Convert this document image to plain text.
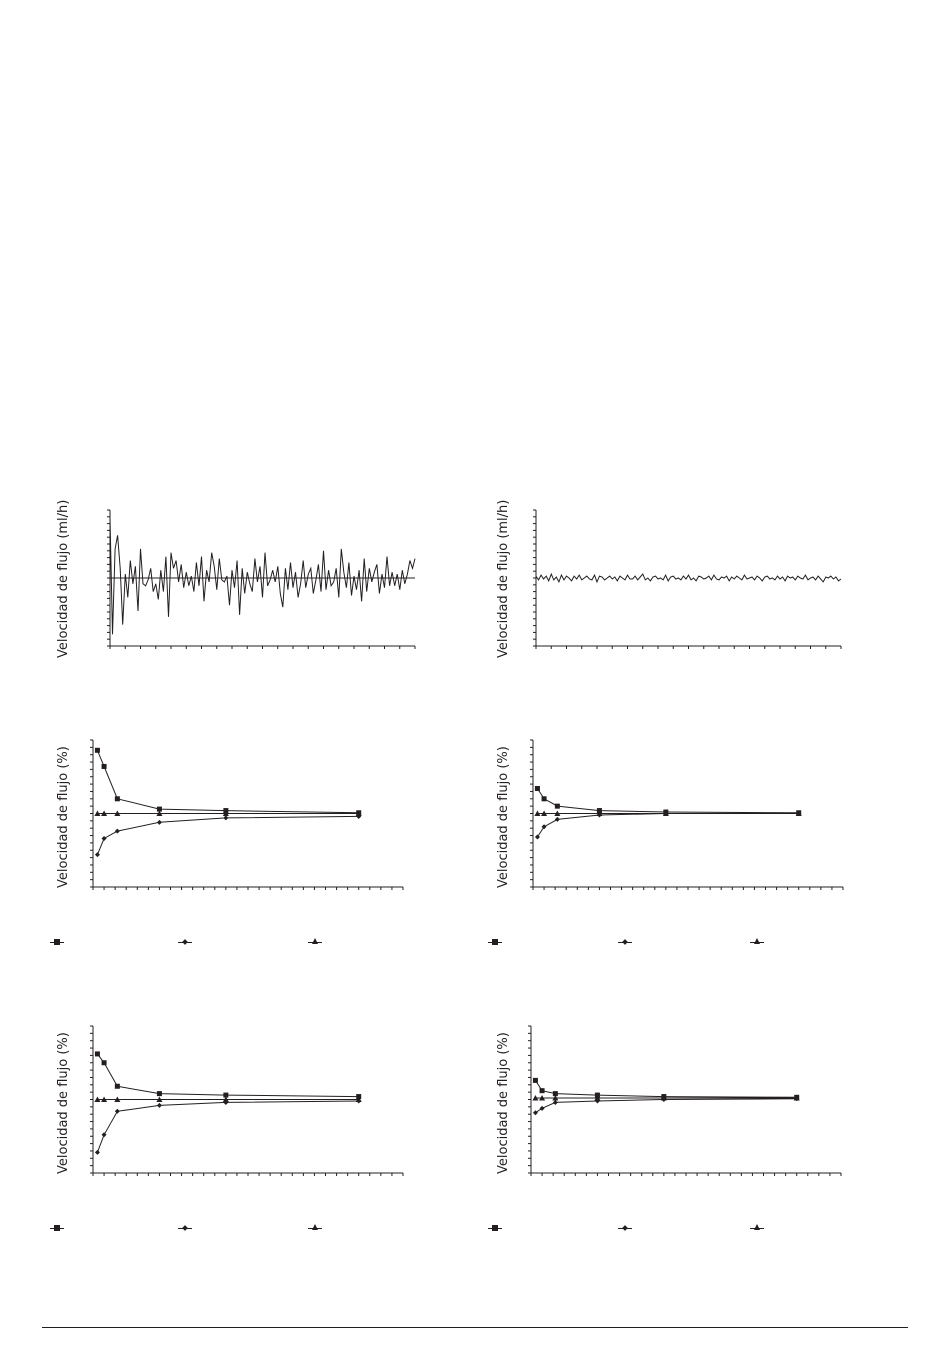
Velocidad de flujo (ml/h)	Velocidad de flujo (ml/h)
Velocidad de flujo (%)	Velocidad de flujo (%)
Velocidad de flujo (%)	Velocidad de flujo (%)
